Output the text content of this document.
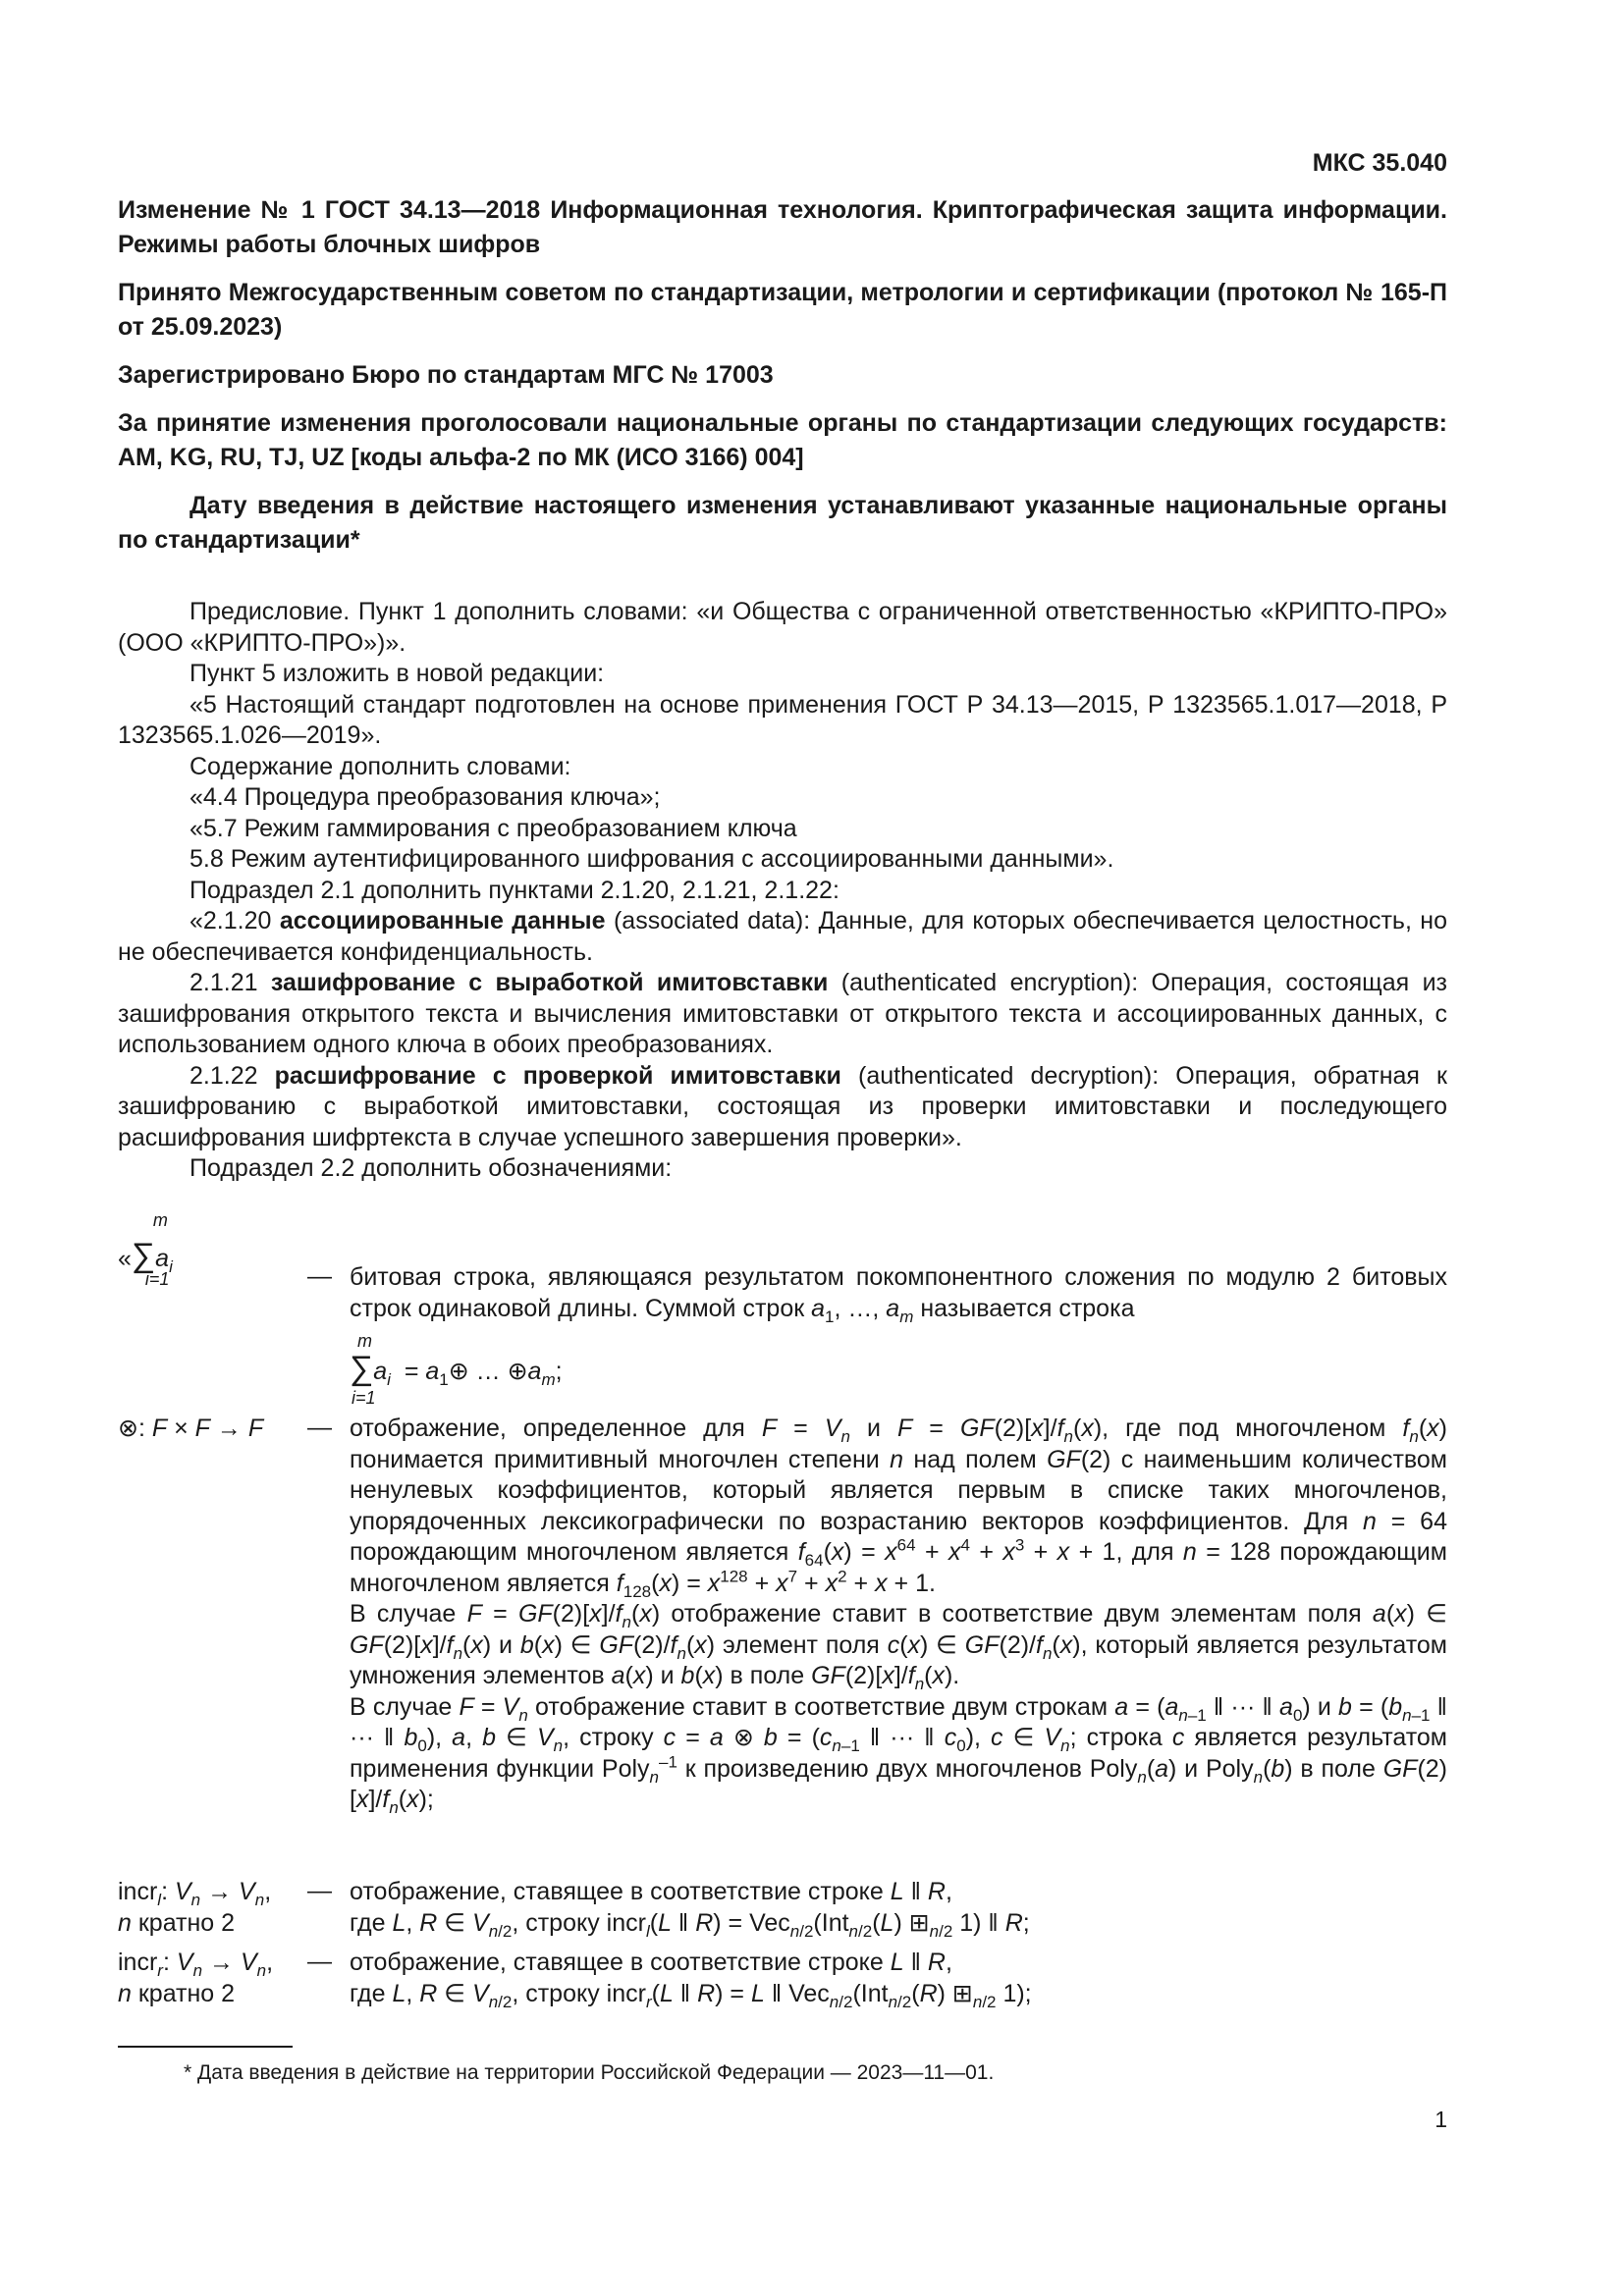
МКС 35.040

Изменение № 1 ГОСТ 34.13—2018 Информационная технология. Криптографическая защита информации. Режимы работы блочных шифров

Принято Межгосударственным советом по стандартизации, метрологии и сертификации (протокол № 165-П от 25.09.2023)

Зарегистрировано Бюро по стандартам МГС № 17003

За принятие изменения проголосовали национальные органы по стандартизации следующих государств: AM, KG, RU, TJ, UZ [коды альфа-2 по МК (ИСО 3166) 004]

Дату введения в действие настоящего изменения устанавливают указанные национальные органы по стандартизации*

Предисловие. Пункт 1 дополнить словами: «и Общества с ограниченной ответственностью «КРИПТО-ПРО» (ООО «КРИПТО-ПРО»)».

Пункт 5 изложить в новой редакции:

«5 Настоящий стандарт подготовлен на основе применения ГОСТ Р 34.13—2015, Р 1323565.1.017—2018, Р 1323565.1.026—2019».

Содержание дополнить словами:

«4.4 Процедура преобразования ключа»;

«5.7 Режим гаммирования с преобразованием ключа

5.8 Режим аутентифицированного шифрования с ассоциированными данными».

Подраздел 2.1 дополнить пунктами 2.1.20, 2.1.21, 2.1.22:

«2.1.20 ассоциированные данные (associated data): Данные, для которых обеспечивается целостность, но не обеспечивается конфиденциальность.

2.1.21 зашифрование с выработкой имитовставки (authenticated encryption): Операция, состоящая из зашифрования открытого текста и вычисления имитовставки от открытого текста и ассоциированных данных, с использованием одного ключа в обоих преобразованиях.

2.1.22 расшифрование с проверкой имитовставки (authenticated decryption): Операция, обратная к зашифрованию с выработкой имитовставки, состоящая из проверки имитовставки и последующего расшифрования шифртекста в случае успешного завершения проверки».

Подраздел 2.2 дополнить обозначениями:

«
m
∑
i=1
$a_i$	— битовая строка, являющаяся результатом покомпонентного сложения по модулю 2 битовых строк одинаковой длины. Суммой строк $a_1$, …, $a_m$ называется строка
m
∑
i=1
$a_i$  = $a_1\oplus$ … $\oplus a_m$;
⊗: F × F → F — отображение, определенное для $F = V_n$ и $F = GF(2)[x]/f_n(x)$, где под многочленом $f_n(x)$ понимается примитивный многочлен степени n над полем GF(2) с наименьшим количеством ненулевых коэффициентов, который является первым в списке таких многочленов, упорядоченных лексикографически по возрастанию векторов коэффициентов. Для n = 64 порождающим многочленом является $f_{64}(x) = x^{64} + x^4 + x^3 + x + 1$, для n = 128 порождающим многочленом является $f_{128}(x) = x^{128} + x^7 + x^2 + x + 1$.
В случае $F = GF(2)[x]/f_n(x)$ отображение ставит в соответствие двум элементам поля a(x) ∈ $GF(2)[x]/f_n(x)$ и b(x) ∈ $GF(2)/f_n(x)$ элемент поля c(x) ∈ $GF(2)/f_n(x)$, который является результатом умножения элементов a(x) и b(x) в поле $GF(2)[x]/f_n(x)$.
В случае $F = V_n$ отображение ставит в соответствие двум строкам $a = (a_{n-1}$ ‖ ··· ‖ $a_0$) и $b = (b_{n-1}$ ‖ ··· ‖ $b_0$), a, b ∈ $V_n$, строку c = a ⊗ $b = (c_{n-1}$ ‖ ··· ‖ $c_0$), c ∈ $V_n$; строка c является результатом применения функции Poly$_n^{-1}$ к произведению двух многочленов Poly$_n$(a) и Poly$_n$(b) в поле $GF(2)[x]/f_n(x)$;
incr$_l$: $V_n \to V_n$,
n кратно 2
— отображение, ставящее в соответствие строке L ‖ R,
где L, R ∈ $V_{n/2}$, строку incr$_l$(L ‖ R) = Vec$_{n/2}$(Int$_{n/2}$(L) $⊞_{n/2}$ 1) ‖ R;
incr$_r$: $V_n \to V_n$,
n кратно 2
— отображение, ставящее в соответствие строке L ‖ R,
где L, R ∈ $V_{n/2}$, строку incr$_r$(L ‖ R) = L ‖ Vec$_{n/2}$(Int$_{n/2}$(R) $⊞_{n/2}$ 1);
* Дата введения в действие на территории Российской Федерации — 2023—11—01.
1
